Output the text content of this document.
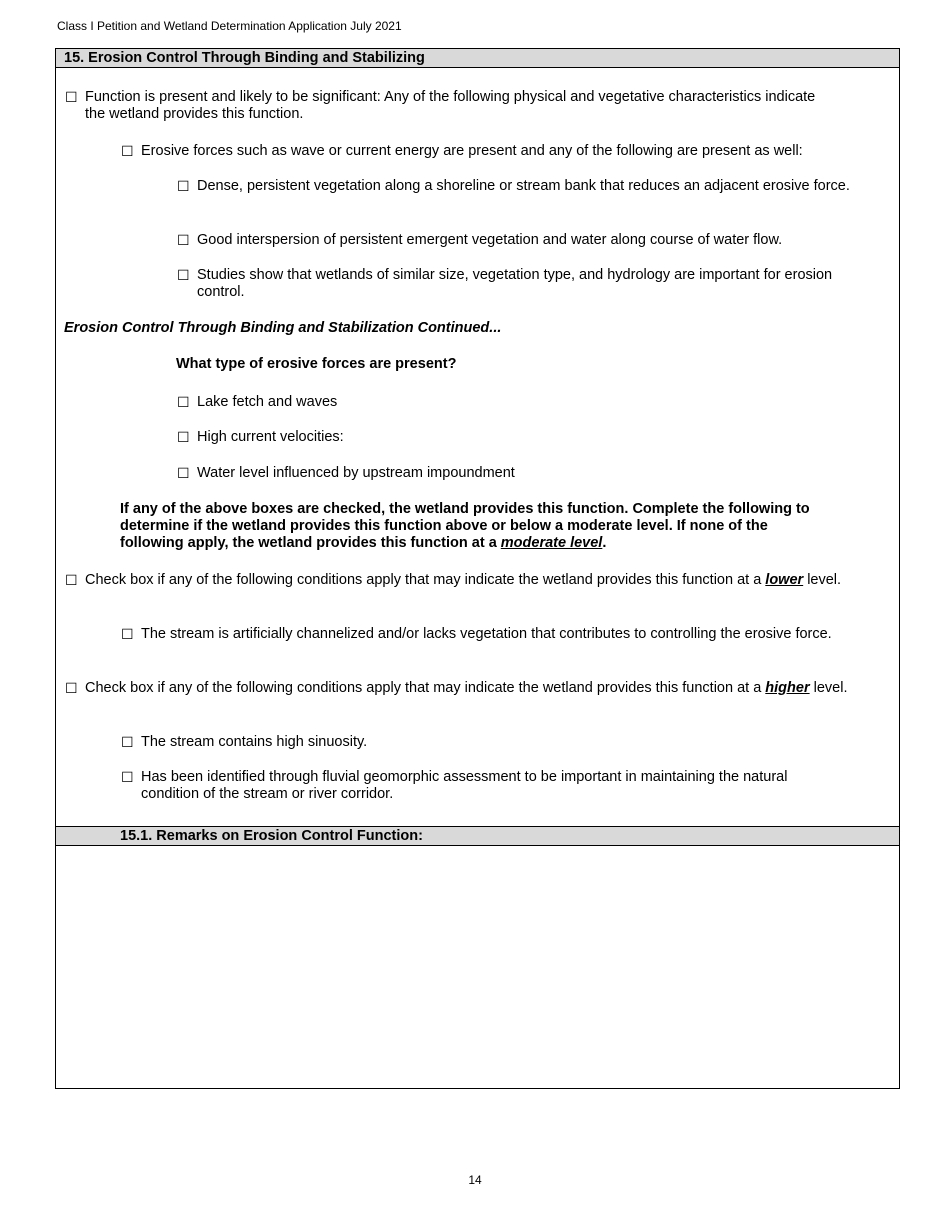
Class I Petition and Wetland Determination Application July 2021
15. Erosion Control Through Binding and Stabilizing
☐ Function is present and likely to be significant: Any of the following physical and vegetative characteristics indicate the wetland provides this function.
☐ Erosive forces such as wave or current energy are present and any of the following are present as well:
☐ Dense, persistent vegetation along a shoreline or stream bank that reduces an adjacent erosive force.
☐ Good interspersion of persistent emergent vegetation and water along course of water flow.
☐ Studies show that wetlands of similar size, vegetation type, and hydrology are important for erosion control.
Erosion Control Through Binding and Stabilization Continued...
What type of erosive forces are present?
☐ Lake fetch and waves
☐ High current velocities:
☐ Water level influenced by upstream impoundment
If any of the above boxes are checked, the wetland provides this function. Complete the following to determine if the wetland provides this function above or below a moderate level. If none of the following apply, the wetland provides this function at a moderate level.
☐ Check box if any of the following conditions apply that may indicate the wetland provides this function at a lower level.
☐ The stream is artificially channelized and/or lacks vegetation that contributes to controlling the erosive force.
☐ Check box if any of the following conditions apply that may indicate the wetland provides this function at a higher level.
☐ The stream contains high sinuosity.
☐ Has been identified through fluvial geomorphic assessment to be important in maintaining the natural condition of the stream or river corridor.
15.1. Remarks on Erosion Control Function:
14
